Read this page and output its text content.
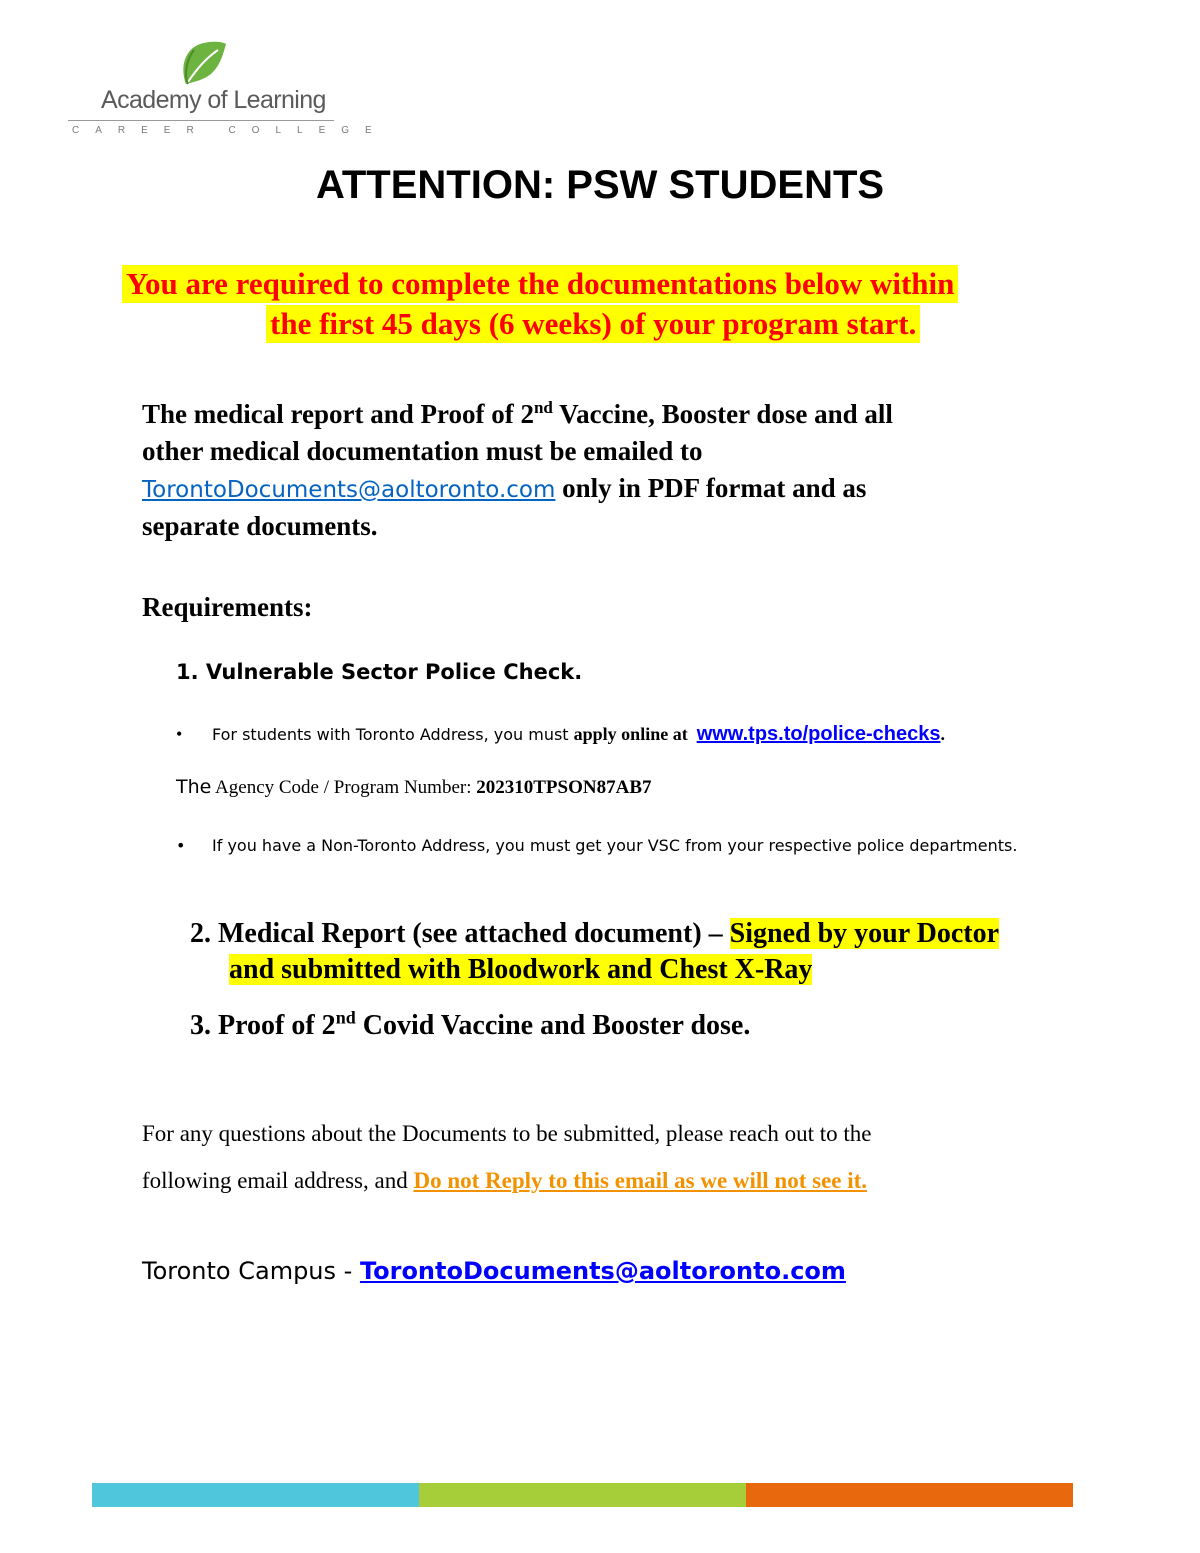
Academy of Learning
CAREER COLLEGE
ATTENTION: PSW STUDENTS
You are required to complete the documentations below within
the first 45 days (6 weeks) of your program start.
The medical report and Proof of 2nd Vaccine, Booster dose and all
other medical documentation must be emailed to
TorontoDocuments@aoltoronto.com only in PDF format and as
separate documents.
Requirements:
1. Vulnerable Sector Police Check.
• For students with Toronto Address, you must apply online at www.tps.to/police-checks.
The Agency Code / Program Number: 202310TPSON87AB7
• If you have a Non-Toronto Address, you must get your VSC from your respective police departments.
2. Medical Report (see attached document) – Signed by your Doctor
and submitted with Bloodwork and Chest X-Ray
3. Proof of 2nd Covid Vaccine and Booster dose.
For any questions about the Documents to be submitted, please reach out to the
following email address, and Do not Reply to this email as we will not see it.
Toronto Campus - TorontoDocuments@aoltoronto.com
